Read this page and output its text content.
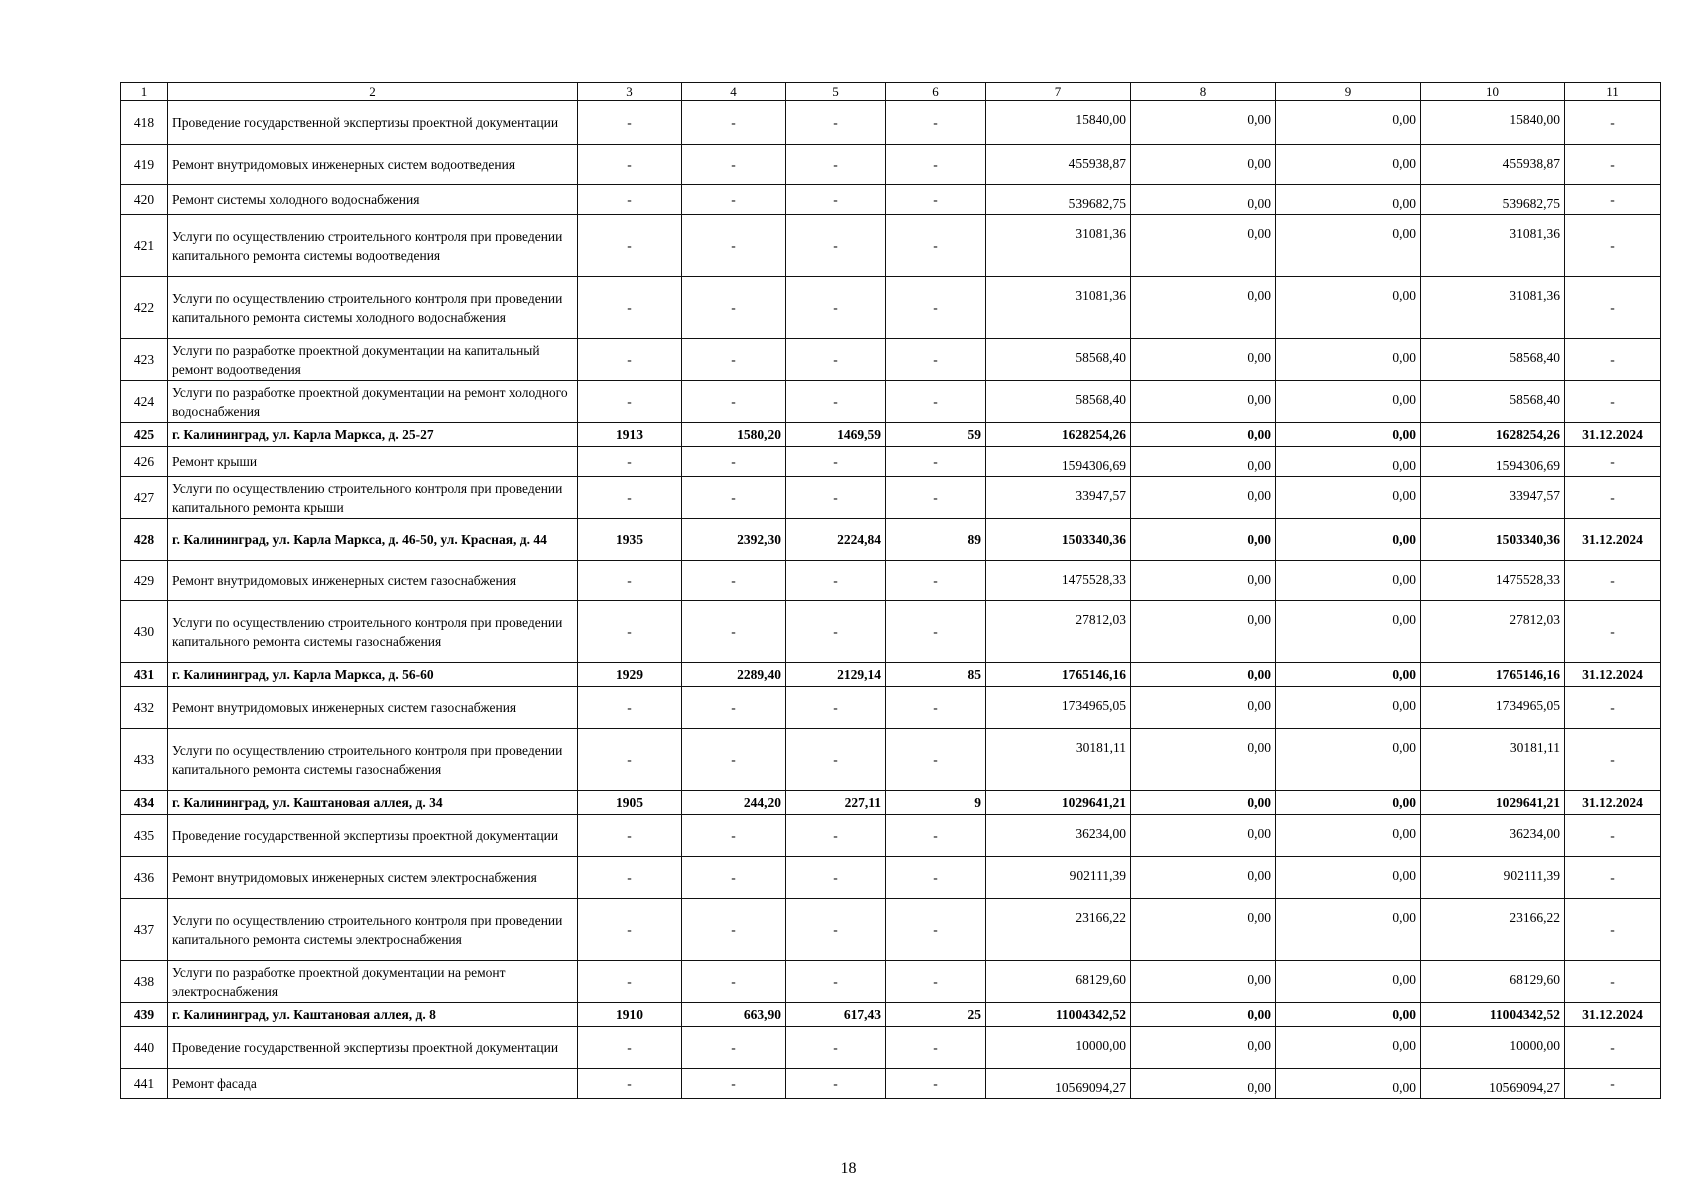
1	2	3	4	5	6	7	8	9	10	11
418	Проведение государственной экспертизы проектной документации	-	-	-	-	15840,00	0,00	0,00	15840,00	-
419	Ремонт внутридомовых инженерных систем водоотведения	-	-	-	-	455938,87	0,00	0,00	455938,87	-
420	Ремонт системы холодного водоснабжения	-	-	-	-	539682,75	0,00	0,00	539682,75	-
421	Услуги по осуществлению строительного контроля при проведении капитального ремонта системы водоотведения	-	-	-	-	31081,36	0,00	0,00	31081,36	-
422	Услуги по осуществлению строительного контроля при проведении капитального ремонта системы холодного водоснабжения	-	-	-	-	31081,36	0,00	0,00	31081,36	-
423	Услуги по разработке проектной документации на капитальный ремонт водоотведения	-	-	-	-	58568,40	0,00	0,00	58568,40	-
424	Услуги по разработке проектной документации на ремонт холодного водоснабжения	-	-	-	-	58568,40	0,00	0,00	58568,40	-
425	г. Калининград, ул. Карла Маркса, д. 25-27	1913	1580,20	1469,59	59	1628254,26	0,00	0,00	1628254,26	31.12.2024
426	Ремонт крыши	-	-	-	-	1594306,69	0,00	0,00	1594306,69	-
427	Услуги по осуществлению строительного контроля при проведении капитального ремонта крыши	-	-	-	-	33947,57	0,00	0,00	33947,57	-
428	г. Калининград, ул. Карла Маркса, д. 46-50, ул. Красная, д. 44	1935	2392,30	2224,84	89	1503340,36	0,00	0,00	1503340,36	31.12.2024
429	Ремонт внутридомовых инженерных систем газоснабжения	-	-	-	-	1475528,33	0,00	0,00	1475528,33	-
430	Услуги по осуществлению строительного контроля при проведении капитального ремонта системы газоснабжения	-	-	-	-	27812,03	0,00	0,00	27812,03	-
431	г. Калининград, ул. Карла Маркса, д. 56-60	1929	2289,40	2129,14	85	1765146,16	0,00	0,00	1765146,16	31.12.2024
432	Ремонт внутридомовых инженерных систем газоснабжения	-	-	-	-	1734965,05	0,00	0,00	1734965,05	-
433	Услуги по осуществлению строительного контроля при проведении капитального ремонта системы газоснабжения	-	-	-	-	30181,11	0,00	0,00	30181,11	-
434	г. Калининград, ул. Каштановая аллея, д. 34	1905	244,20	227,11	9	1029641,21	0,00	0,00	1029641,21	31.12.2024
435	Проведение государственной экспертизы проектной документации	-	-	-	-	36234,00	0,00	0,00	36234,00	-
436	Ремонт внутридомовых инженерных систем электроснабжения	-	-	-	-	902111,39	0,00	0,00	902111,39	-
437	Услуги по осуществлению строительного контроля при проведении капитального ремонта системы электроснабжения	-	-	-	-	23166,22	0,00	0,00	23166,22	-
438	Услуги по разработке проектной документации на ремонт электроснабжения	-	-	-	-	68129,60	0,00	0,00	68129,60	-
439	г. Калининград, ул. Каштановая аллея, д. 8	1910	663,90	617,43	25	11004342,52	0,00	0,00	11004342,52	31.12.2024
440	Проведение государственной экспертизы проектной документации	-	-	-	-	10000,00	0,00	0,00	10000,00	-
441	Ремонт фасада	-	-	-	-	10569094,27	0,00	0,00	10569094,27	-
18
